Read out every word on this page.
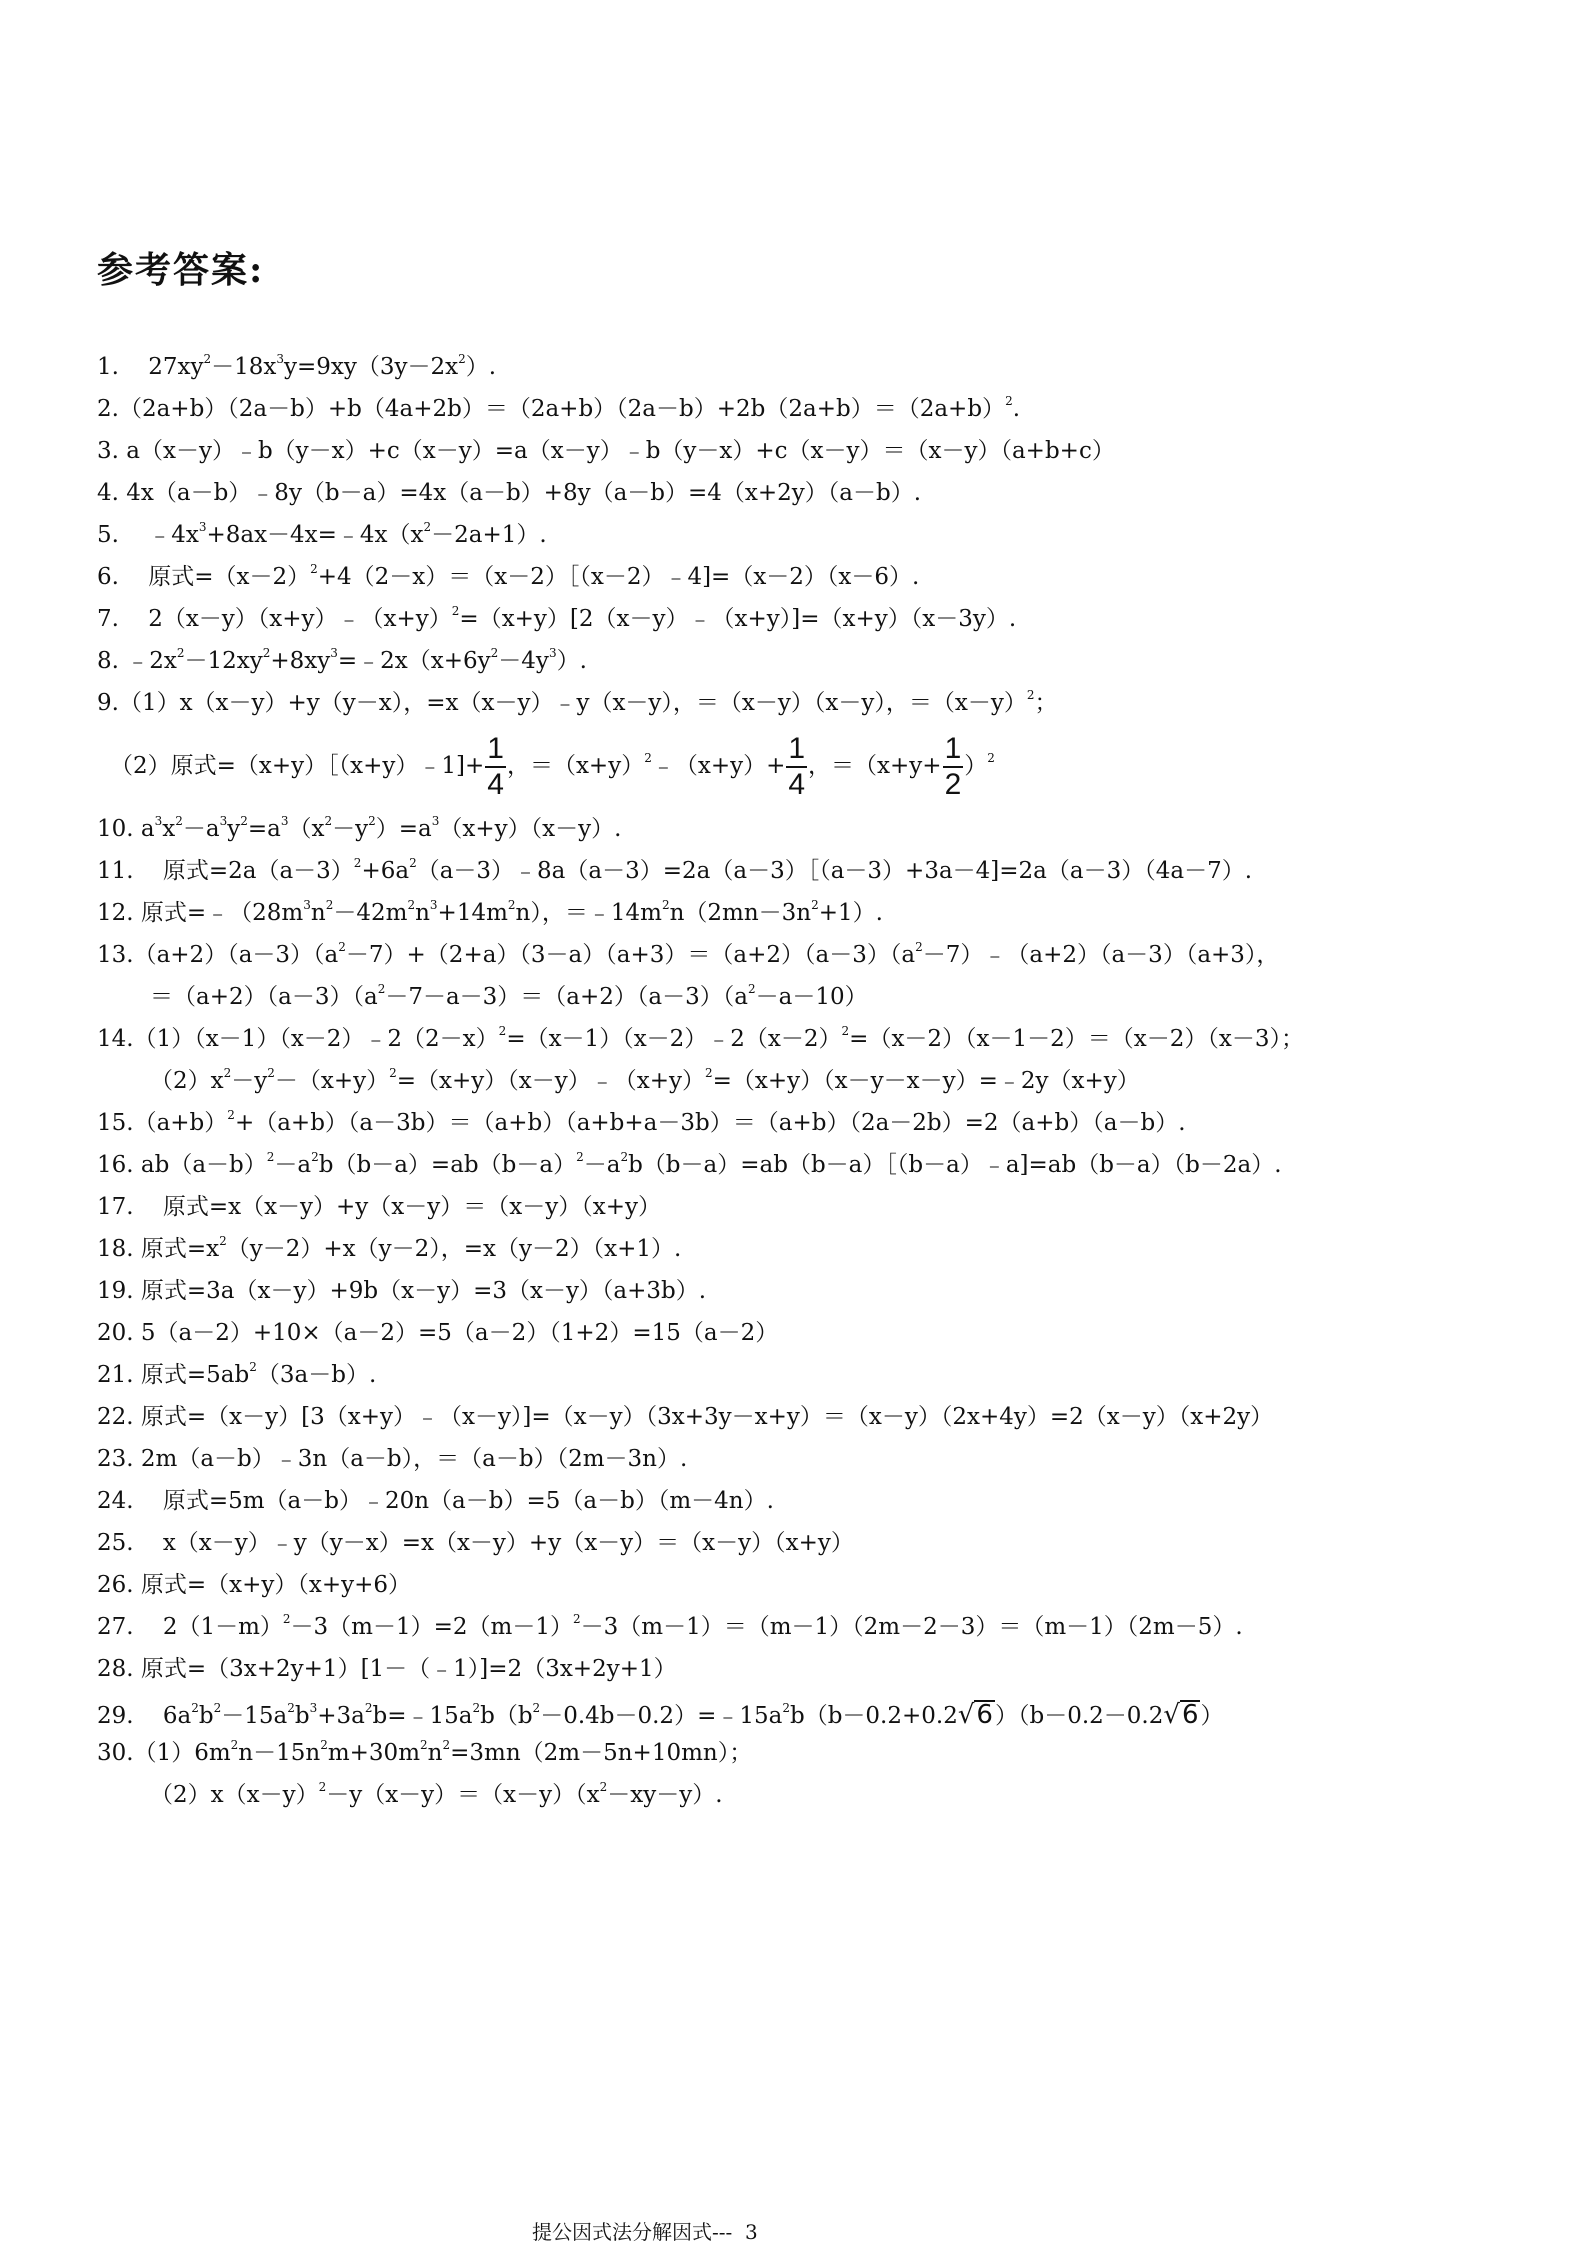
参考答案:
1. $27xy^2-18x^3y=9xy(3y-2x^2)$.
$2.(2a+b)(2a-b)+b(4a+2b)=(2a+b)(2a-b)+2b(2a+b)=(2a+b)^2$.
3. a（x－y）﹣b（y－x）+c（x－y）=a（x－y）﹣b（y－x）+c（x－y）＝（x－y）（a+b+c）
4. 4x（a－b）﹣8y（b－a）=4x（a－b）+8y（a－b）=4（x+2y）（a－b）.
5. $﹣4x^3+8ax-4x=﹣4x(x^2-2a+1)$.
6. 原式$=(x-2)^2+4(2-x)=(x-2)[(x-2)﹣4]=(x-2)(x-6)$.
7. $2(x-y)(x+y)﹣(x+y)^2=(x+y)[2(x-y)﹣(x+y)]=(x+y)(x-3y)$.
8. $﹣2x^2-12xy^2+8xy^3=﹣2x(x+6y^2-4y^3)$.
9.（1）x（x－y）+y（y－x），=x（x－y）﹣y（x－y），＝（x－y）（x－y），$=(x-y)^2$；
（2）原式=（x+y）［（x+y）﹣1]+ $\frac{1}{4}$ ，$=(x+y)^2﹣(x+y)+ \frac{1}{4}$ ，$=(x+y+ \frac{1}{2} )^2$
10. $a^3x^2-a^3y^2=a^3(x^2-y^2)=a^3(x+y)(x-y)$.
11. 原式$=2a(a-3)^2+6a^2(a-3)﹣8a(a-3)=2a(a-3)[(a-3)+3a-4]=2a(a-3)(4a-7)$.
12. 原式$=﹣(28m^3n^2-42m^2n^3+14m^2n)$，$=﹣14m^2n(2mn-3n^2+1)$.
$13.(a+2)(a-3)(a^2-7)+(2+a)(3-a)(a+3)=(a+2)(a-3)(a^2-7)﹣(a+2)(a-3)(a+3)$，
$=(a+2)(a-3)(a^2-7-a-3)=(a+2)(a-3)(a^2-a-10)$
$14.(1)(x-1)(x-2)﹣2(2-x)^2=(x-1)(x-2)﹣2(x-2)^2=(x-2)(x-1-2)=(x-2)(x-3)$；
$(2)x^2-y^2-(x+y)^2=(x+y)(x-y)﹣(x+y)^2=(x+y)(x-y-x-y)=﹣2y(x+y)$
$15.(a+b)^2+(a+b)(a-3b)=(a+b)(a+b+a-3b)=(a+b)(2a-2b)=2(a+b)(a-b)$.
16. $ab(a-b)^2-a^2b(b-a)=ab(b-a)^2-a^2b(b-a)=ab(b-a)[(b-a)﹣a]=ab(b-a)(b-2a)$.
17. 原式=x（x－y）+y（x－y）＝（x－y）（x+y）
18. 原式$=x^2(y-2)+x(y-2)$，=x（y－2）（x+1）.
19. 原式=3a（x－y）+9b（x－y）=3（x－y）（a+3b）.
20. 5（a－2）+10×（a－2）=5（a－2）（1+2）=15（a－2）
21. 原式$=5ab^2(3a-b)$.
22. 原式=（x－y）[3（x+y）﹣（x－y）]=（x－y）（3x+3y－x+y）＝（x－y）（2x+4y）=2（x－y）（x+2y）
23. 2m（a－b）﹣3n（a－b），＝（a－b）（2m－3n）.
24. 原式=5m（a－b）﹣20n（a－b）=5（a－b）（m－4n）.
25. x（x－y）﹣y（y－x）=x（x－y）+y（x－y）＝（x－y）（x+y）
26. 原式=（x+y）（x+y+6）
27. $2(1-m)^2-3(m-1)=2(m-1)^2-3(m-1)=(m-1)(2m-2-3)=(m-1)(2m-5)$.
28. 原式=（3x+2y+1）[1－（﹣1）]=2（3x+2y+1）
29. $6a^2b^2-15a^2b^3+3a^2b=﹣15a^2b(b^2-0.4b-0.2)=﹣15a^2b(b-0.2+0.2√6)(b-0.2-0.2√6)$
$30.(1)6m^2n-15n^2m+30m^2n^2=3mn(2m-5n+10mn)$；
$(2)x(x-y)^2-y(x-y)=(x-y)(x^2-xy-y)$.
提公因式法分解因式--- 3
